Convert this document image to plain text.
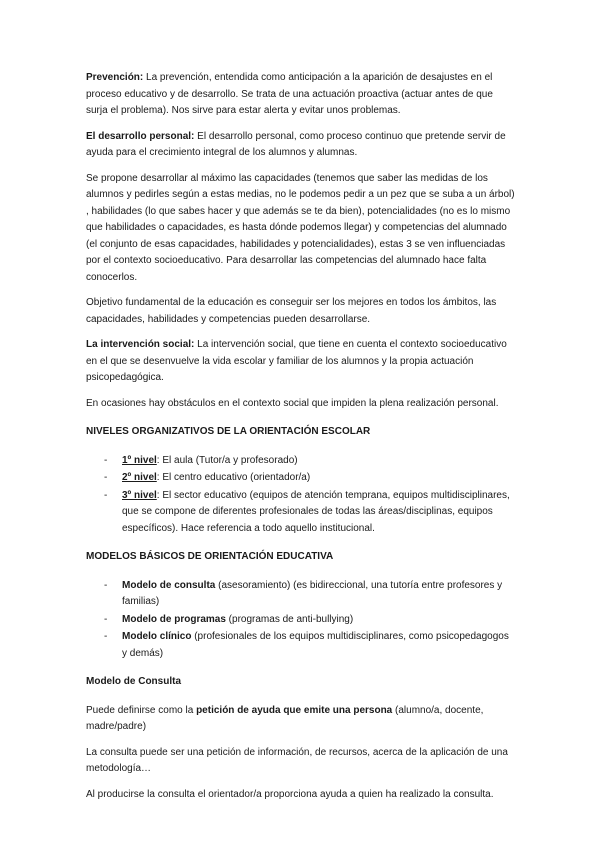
Prevención: La prevención, entendida como anticipación a la aparición de desajustes en el proceso educativo y de desarrollo. Se trata de una actuación proactiva (actuar antes de que surja el problema). Nos sirve para estar alerta y evitar unos problemas.

El desarrollo personal: El desarrollo personal, como proceso continuo que pretende servir de ayuda para el crecimiento integral de los alumnos y alumnas.

Se propone desarrollar al máximo las capacidades (tenemos que saber las medidas de los alumnos y pedirles según a estas medias, no le podemos pedir a un pez que se suba a un árbol) , habilidades (lo que sabes hacer y que además se te da bien), potencialidades (no es lo mismo que habilidades o capacidades, es hasta dónde podemos llegar) y competencias del alumnado (el conjunto de esas capacidades, habilidades y potencialidades), estas 3 se ven influenciadas por el contexto socioeducativo. Para desarrollar las competencias del alumnado hace falta conocerlos.

Objetivo fundamental de la educación es conseguir ser los mejores en todos los ámbitos, las capacidades, habilidades y competencias pueden desarrollarse.

La intervención social: La intervención social, que tiene en cuenta el contexto socioeducativo en el que se desenvuelve la vida escolar y familiar de los alumnos y la propia actuación psicopedagógica.

En ocasiones hay obstáculos en el contexto social que impiden la plena realización personal.

NIVELES ORGANIZATIVOS DE LA ORIENTACIÓN ESCOLAR
- 1º nivel: El aula (Tutor/a y profesorado)
- 2º nivel: El centro educativo (orientador/a)
- 3º nivel: El sector educativo (equipos de atención temprana, equipos multidisciplinares, que se compone de diferentes profesionales de todas las áreas/disciplinas, equipos específicos). Hace referencia a todo aquello institucional.
MODELOS BÁSICOS DE ORIENTACIÓN EDUCATIVA
- Modelo de consulta (asesoramiento) (es bidireccional, una tutoría entre profesores y familias)
- Modelo de programas (programas de anti-bullying)
- Modelo clínico (profesionales de los equipos multidisciplinares, como psicopedagogos y demás)
Modelo de Consulta

Puede definirse como la petición de ayuda que emite una persona (alumno/a, docente, madre/padre)

La consulta puede ser una petición de información, de recursos, acerca de la aplicación de una metodología…

Al producirse la consulta el orientador/a proporciona ayuda a quien ha realizado la consulta.
